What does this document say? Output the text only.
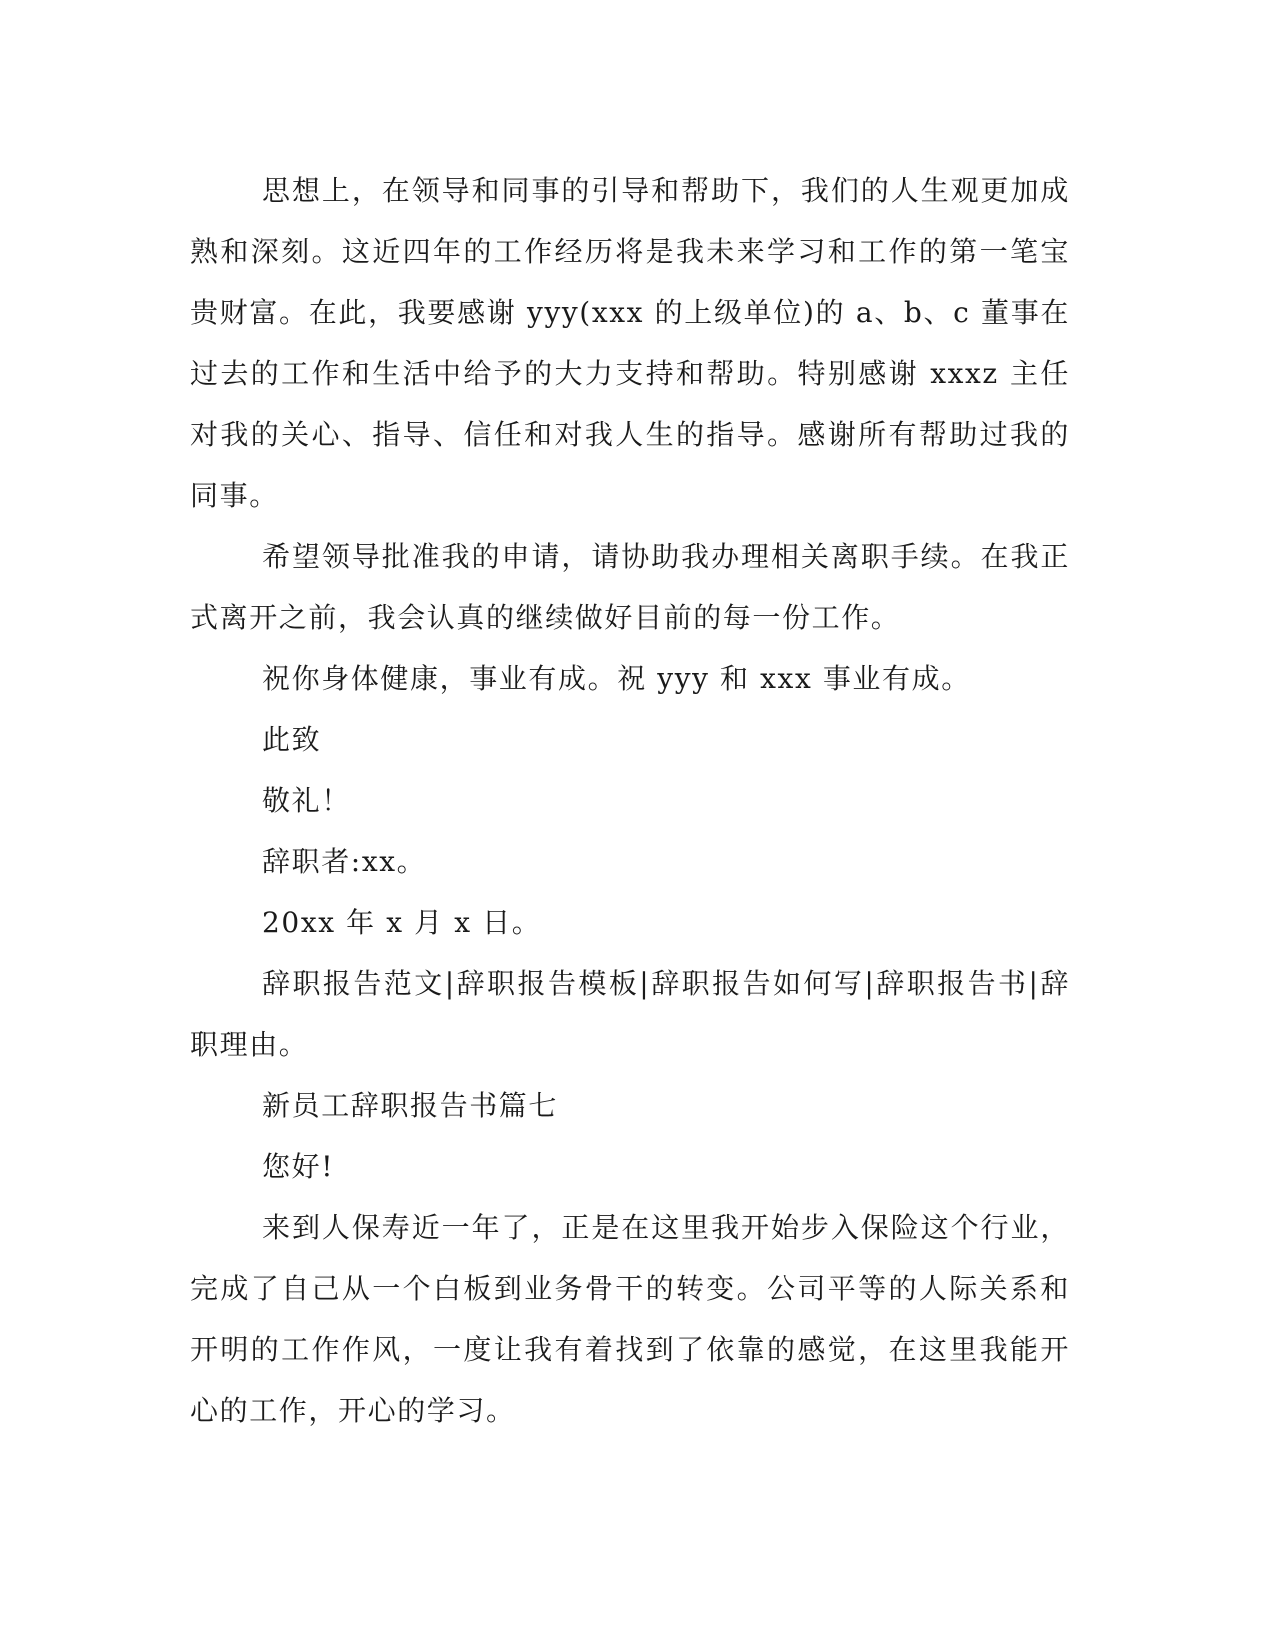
思想上，在领导和同事的引导和帮助下，我们的人生观更加成熟和深刻。这近四年的工作经历将是我未来学习和工作的第一笔宝贵财富。在此，我要感谢 yyy(xxx 的上级单位)的 a、b、c 董事在过去的工作和生活中给予的大力支持和帮助。特别感谢 xxxz 主任对我的关心、指导、信任和对我人生的指导。感谢所有帮助过我的同事。

希望领导批准我的申请，请协助我办理相关离职手续。在我正式离开之前，我会认真的继续做好目前的每一份工作。

祝你身体健康，事业有成。祝 yyy 和 xxx 事业有成。

此致

敬礼！

辞职者:xx。

20xx 年 x 月 x 日。

辞职报告范文|辞职报告模板|辞职报告如何写|辞职报告书|辞职理由。

新员工辞职报告书篇七

您好!

来到人保寿近一年了，正是在这里我开始步入保险这个行业，完成了自己从一个白板到业务骨干的转变。公司平等的人际关系和开明的工作作风，一度让我有着找到了依靠的感觉，在这里我能开心的工作，开心的学习。
